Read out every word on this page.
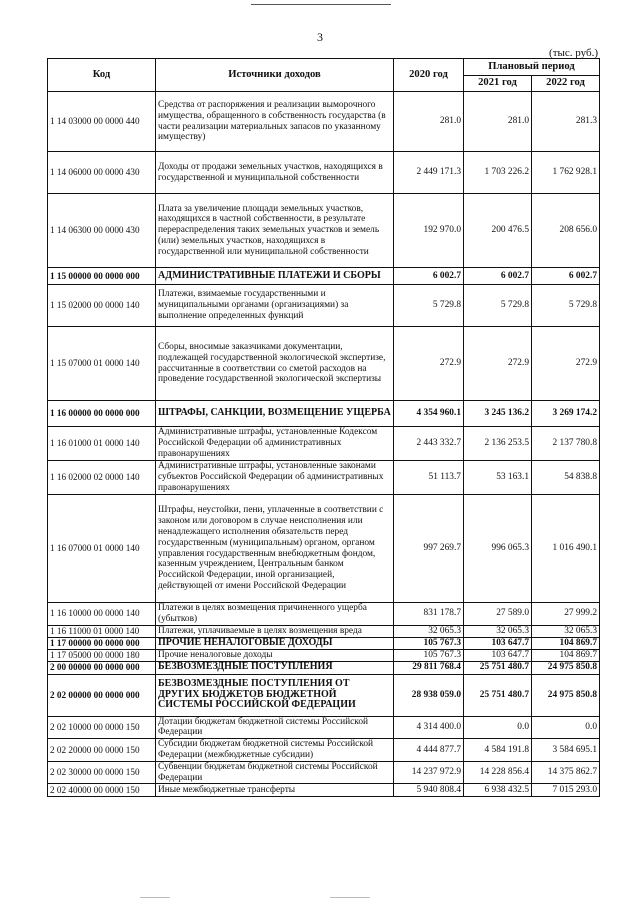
3
(тыс. руб.)
Код	Источники доходов	2020 год	Плановый период	
			2021 год	2022 год
1 14 03000 00 0000 440	Средства от распоряжения и реализации выморочного имущества, обращенного в собственность государства (в части реализации материальных запасов по указанному имуществу)	281.0	281.0	281.3
1 14 06000 00 0000 430	Доходы от продажи земельных участков, находящихся в государственной и муниципальной собственности	2 449 171.3	1 703 226.2	1 762 928.1
1 14 06300 00 0000 430	Плата за увеличение площади земельных участков, находящихся в частной собственности, в результате перераспределения таких земельных участков и земель (или) земельных участков, находящихся в государственной или муниципальной собственности	192 970.0	200 476.5	208 656.0
1 15 00000 00 0000 000	АДМИНИСТРАТИВНЫЕ ПЛАТЕЖИ И СБОРЫ	6 002.7	6 002.7	6 002.7
1 15 02000 00 0000 140	Платежи, взимаемые государственными и муниципальными органами (организациями) за выполнение определенных функций	5 729.8	5 729.8	5 729.8
1 15 07000 01 0000 140	Сборы, вносимые заказчиками документации, подлежащей государственной экологической экспертизе, рассчитанные в соответствии со сметой расходов на проведение государственной экологической экспертизы	272.9	272.9	272.9
1 16 00000 00 0000 000	ШТРАФЫ, САНКЦИИ, ВОЗМЕЩЕНИЕ УЩЕРБА	4 354 960.1	3 245 136.2	3 269 174.2
1 16 01000 01 0000 140	Административные штрафы, установленные Кодексом Российской Федерации об административных правонарушениях	2 443 332.7	2 136 253.5	2 137 780.8
1 16 02000 02 0000 140	Административные штрафы, установленные законами субъектов Российской Федерации об административных правонарушениях	51 113.7	53 163.1	54 838.8
1 16 07000 01 0000 140	Штрафы, неустойки, пени, уплаченные в соответствии с законом или договором в случае неисполнения или ненадлежащего исполнения обязательств перед государственным (муниципальным) органом, органом управления государственным внебюджетным фондом, казенным учреждением, Центральным банком Российской Федерации, иной организацией, действующей от имени Российской Федерации	997 269.7	996 065.3	1 016 490.1
1 16 10000 00 0000 140	Платежи в целях возмещения причиненного ущерба (убытков)	831 178.7	27 589.0	27 999.2
1 16 11000 01 0000 140	Платежи, уплачиваемые в целях возмещения вреда	32 065.3	32 065.3	32 065.3
1 17 00000 00 0000 000	ПРОЧИЕ НЕНАЛОГОВЫЕ ДОХОДЫ	105 767.3	103 647.7	104 869.7
1 17 05000 00 0000 180	Прочие неналоговые доходы	105 767.3	103 647.7	104 869.7
2 00 00000 00 0000 000	БЕЗВОЗМЕЗДНЫЕ ПОСТУПЛЕНИЯ	29 811 768.4	25 751 480.7	24 975 850.8
2 02 00000 00 0000 000	БЕЗВОЗМЕЗДНЫЕ ПОСТУПЛЕНИЯ ОТ ДРУГИХ БЮДЖЕТОВ БЮДЖЕТНОЙ СИСТЕМЫ РОССИЙСКОЙ ФЕДЕРАЦИИ	28 938 059.0	25 751 480.7	24 975 850.8
2 02 10000 00 0000 150	Дотации бюджетам бюджетной системы Российской Федерации	4 314 400.0	0.0	0.0
2 02 20000 00 0000 150	Субсидии бюджетам бюджетной системы Российской Федерации (межбюджетные субсидии)	4 444 877.7	4 584 191.8	3 584 695.1
2 02 30000 00 0000 150	Субвенции бюджетам бюджетной системы Российской Федерации	14 237 972.9	14 228 856.4	14 375 862.7
2 02 40000 00 0000 150	Иные межбюджетные трансферты	5 940 808.4	6 938 432.5	7 015 293.0
